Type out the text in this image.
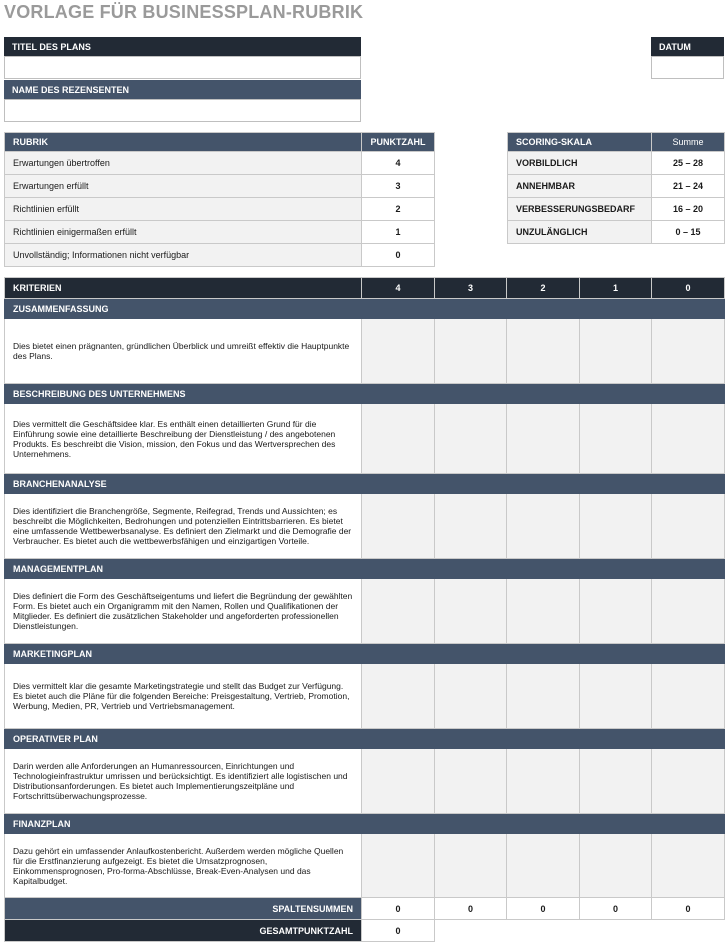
VORLAGE FÜR BUSINESSPLAN-RUBRIK
TITEL DES PLANS
NAME DES REZENSENTEN
DATUM
RUBRIK	PUNKTZAHL
Erwartungen übertroffen	4
Erwartungen erfüllt	3
Richtlinien erfüllt	2
Richtlinien einigermaßen erfüllt	1
Unvollständig; Informationen nicht verfügbar	0
SCORING-SKALA	Summe
VORBILDLICH	25 – 28
ANNEHMBAR	21 – 24
VERBESSERUNGSBEDARF	16 – 20
UNZULÄNGLICH	0 – 15
KRITERIEN	4	3	2	1	0
ZUSAMMENFASSUNG					
Dies bietet einen prägnanten, gründlichen Überblick und umreißt effektiv die Hauptpunkte des Plans.					
BESCHREIBUNG DES UNTERNEHMENS					
Dies vermittelt die Geschäftsidee klar. Es enthält einen detaillierten Grund für die Einführung sowie eine detaillierte Beschreibung der Dienstleistung / des angebotenen Produkts. Es beschreibt die Vision, mission, den Fokus und das Wertversprechen des Unternehmens.					
BRANCHENANALYSE					
Dies identifiziert die Branchengröße, Segmente, Reifegrad, Trends und Aussichten; es beschreibt die Möglichkeiten, Bedrohungen und potenziellen Eintrittsbarrieren. Es bietet eine umfassende Wettbewerbsanalyse. Es definiert den Zielmarkt und die Demografie der Verbraucher. Es bietet auch die wettbewerbsfähigen und einzigartigen Vorteile.					
MANAGEMENTPLAN					
Dies definiert die Form des Geschäftseigentums und liefert die Begründung der gewählten Form. Es bietet auch ein Organigramm mit den Namen, Rollen und Qualifikationen der Mitglieder. Es definiert die zusätzlichen Stakeholder und angeforderten professionellen Dienstleistungen.					
MARKETINGPLAN					
Dies vermittelt klar die gesamte Marketingstrategie und stellt das Budget zur Verfügung. Es bietet auch die Pläne für die folgenden Bereiche: Preisgestaltung, Vertrieb, Promotion, Werbung, Medien, PR, Vertrieb und Vertriebsmanagement.					
OPERATIVER PLAN					
Darin werden alle Anforderungen an Humanressourcen, Einrichtungen und Technologieinfrastruktur umrissen und berücksichtigt. Es identifiziert alle logistischen und Distributionsanforderungen. Es bietet auch Implementierungszeitpläne und Fortschrittsüberwachungsprozesse.					
FINANZPLAN					
Dazu gehört ein umfassender Anlaufkostenbericht. Außerdem werden mögliche Quellen für die Erstfinanzierung aufgezeigt. Es bietet die Umsatzprognosen, Einkommensprognosen, Pro-forma-Abschlüsse, Break-Even-Analysen und das Kapitalbudget.					
SPALTENSUMMEN	0	0	0	0	0
GESAMTPUNKTZAHL	0				
